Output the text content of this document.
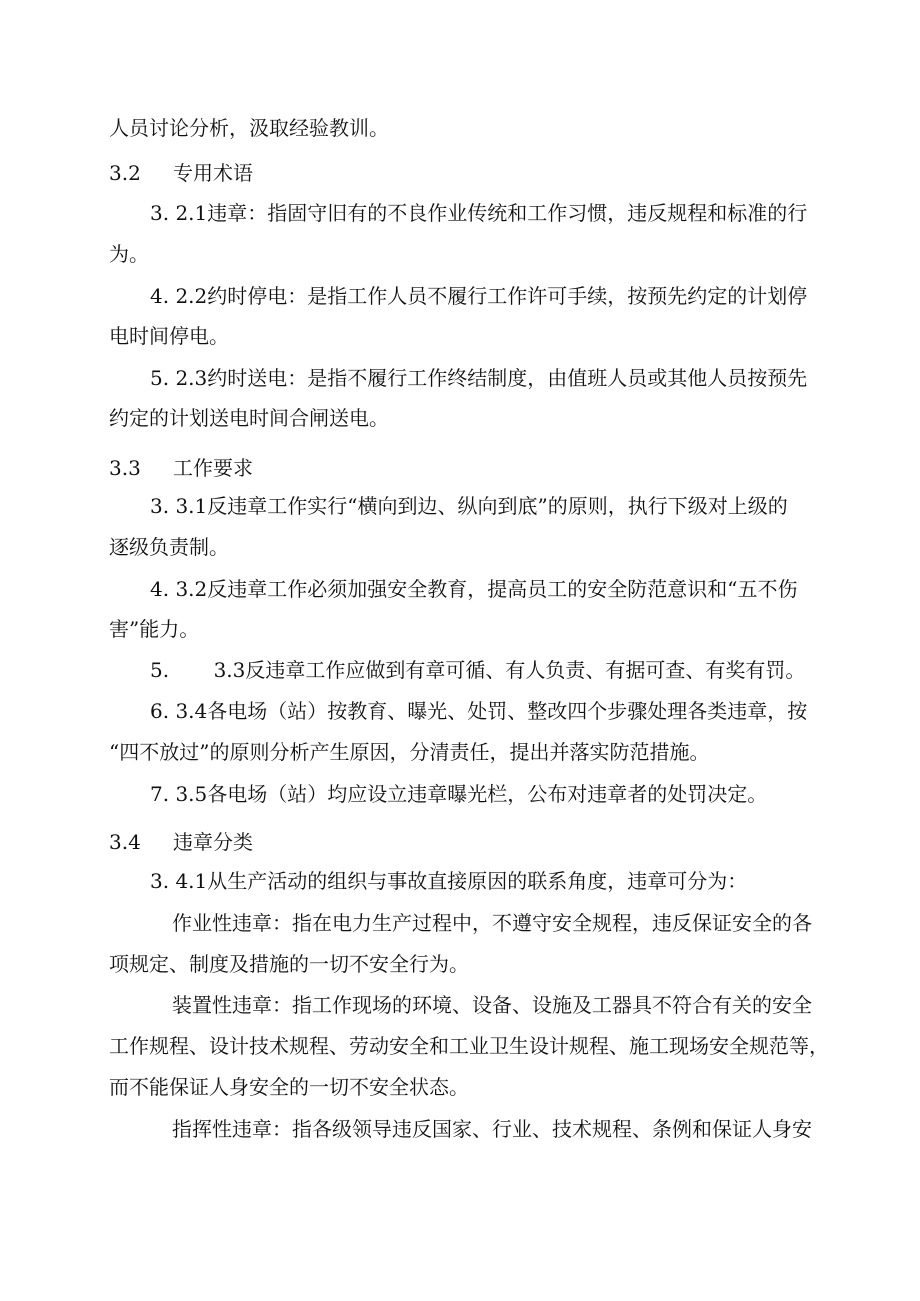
人员讨论分析，汲取经验教训。
3.2 专用术语
3. 2.1违章：指固守旧有的不良作业传统和工作习惯，违反规程和标准的行
为。
4. 2.2约时停电：是指工作人员不履行工作许可手续，按预先约定的计划停
电时间停电。
5. 2.3约时送电：是指不履行工作终结制度，由值班人员或其他人员按预先
约定的计划送电时间合闸送电。
3.3 工作要求
3. 3.1反违章工作实行“横向到边、纵向到底”的原则，执行下级对上级的
逐级负责制。
4. 3.2反违章工作必须加强安全教育，提高员工的安全防范意识和“五不伤
害”能力。
5.       3.3反违章工作应做到有章可循、有人负责、有据可查、有奖有罚。
6. 3.4各电场（站）按教育、曝光、处罚、整改四个步骤处理各类违章，按
“四不放过”的原则分析产生原因，分清责任，提出并落实防范措施。
7. 3.5各电场（站）均应设立违章曝光栏，公布对违章者的处罚决定。
3.4 违章分类
3. 4.1从生产活动的组织与事故直接原因的联系角度，违章可分为：
作业性违章：指在电力生产过程中，不遵守安全规程，违反保证安全的各
项规定、制度及措施的一切不安全行为。
装置性违章：指工作现场的环境、设备、设施及工器具不符合有关的安全
工作规程、设计技术规程、劳动安全和工业卫生设计规程、施工现场安全规范等，
而不能保证人身安全的一切不安全状态。
指挥性违章：指各级领导违反国家、行业、技术规程、条例和保证人身安
